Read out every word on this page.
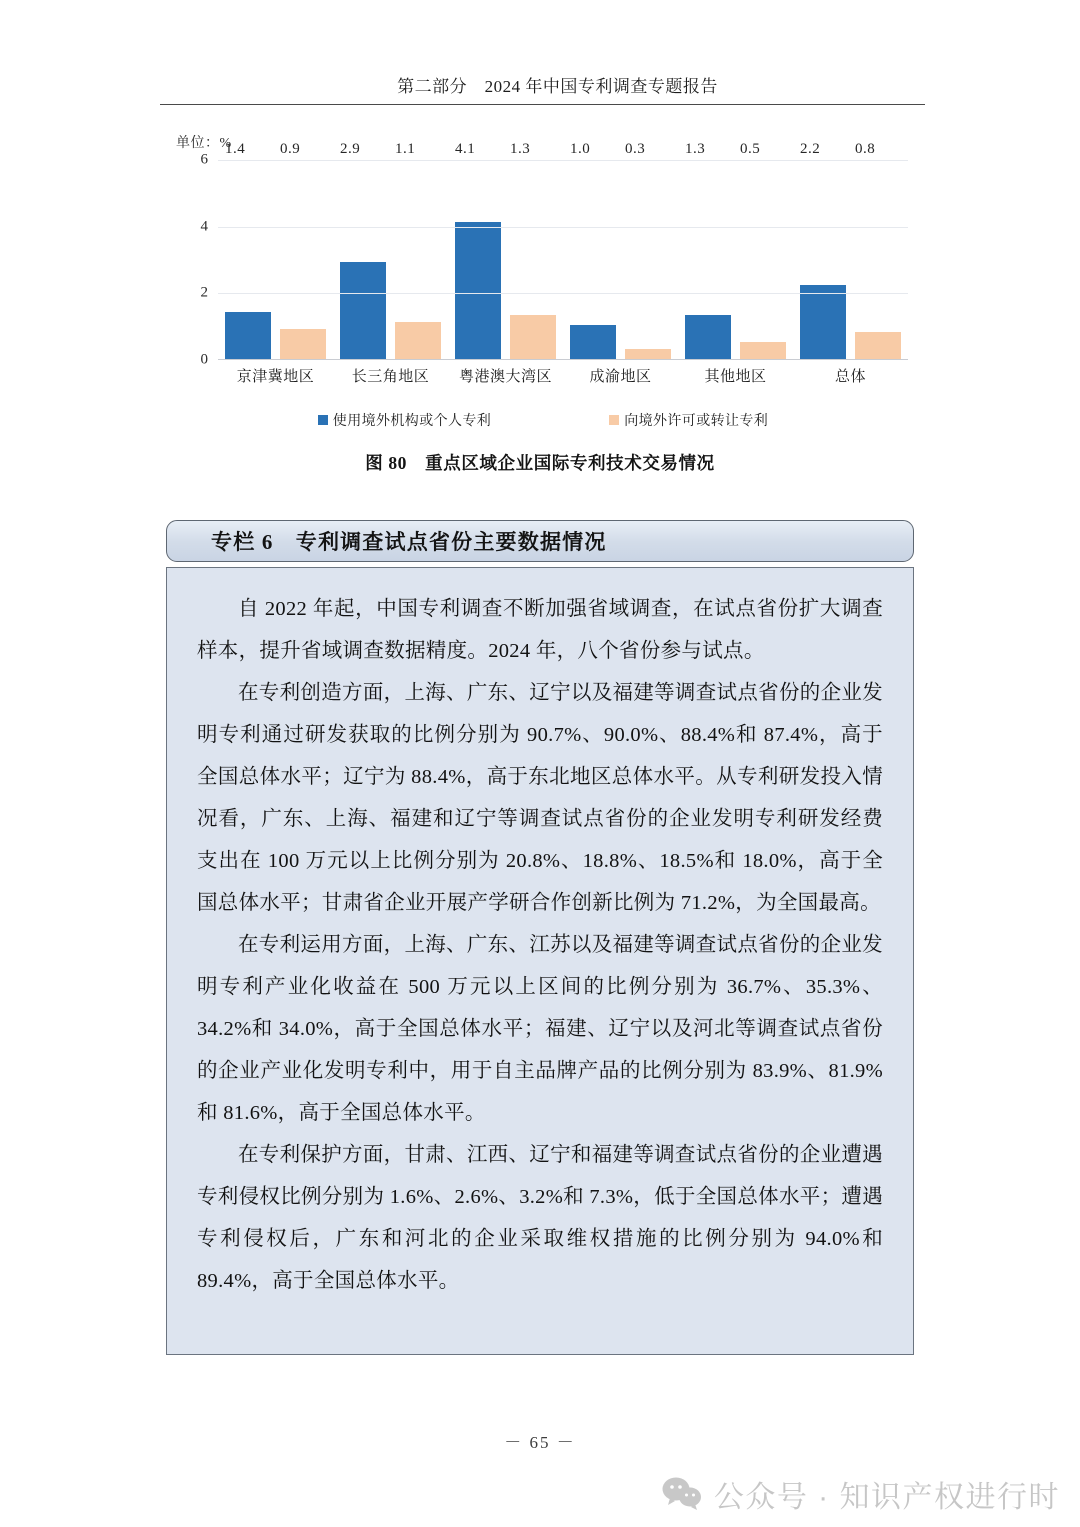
第二部分　2024 年中国专利调查专题报告
单位：%
0
2
4
6
1.4 0.9	2.9 1.1	4.1 1.3	1.0 0.3	1.3 0.5	2.2 0.8
京津冀地区	长三角地区	粤港澳大湾区	成渝地区	其他地区	总体
使用境外机构或个人专利	向境外许可或转让专利
图 80　重点区域企业国际专利技术交易情况
专栏 6　专利调查试点省份主要数据情况

自 2022 年起，中国专利调查不断加强省域调查，在试点省份扩大调查样本，提升省域调查数据精度。2024 年，八个省份参与试点。

在专利创造方面，上海、广东、辽宁以及福建等调查试点省份的企业发明专利通过研发获取的比例分别为 90.7%、90.0%、88.4%和 87.4%，高于全国总体水平；辽宁为 88.4%，高于东北地区总体水平。从专利研发投入情况看，广东、上海、福建和辽宁等调查试点省份的企业发明专利研发经费支出在 100 万元以上比例分别为 20.8%、18.8%、18.5%和 18.0%，高于全国总体水平；甘肃省企业开展产学研合作创新比例为 71.2%，为全国最高。

在专利运用方面，上海、广东、江苏以及福建等调查试点省份的企业发明专利产业化收益在 500 万元以上区间的比例分别为 36.7%、35.3%、34.2%和 34.0%，高于全国总体水平；福建、辽宁以及河北等调查试点省份的企业产业化发明专利中，用于自主品牌产品的比例分别为 83.9%、81.9%和 81.6%，高于全国总体水平。

在专利保护方面，甘肃、江西、辽宁和福建等调查试点省份的企业遭遇专利侵权比例分别为 1.6%、2.6%、3.2%和 7.3%，低于全国总体水平；遭遇专利侵权后，广东和河北的企业采取维权措施的比例分别为 94.0%和 89.4%，高于全国总体水平。

－ 65 －
公众号 · 知识产权进行时
